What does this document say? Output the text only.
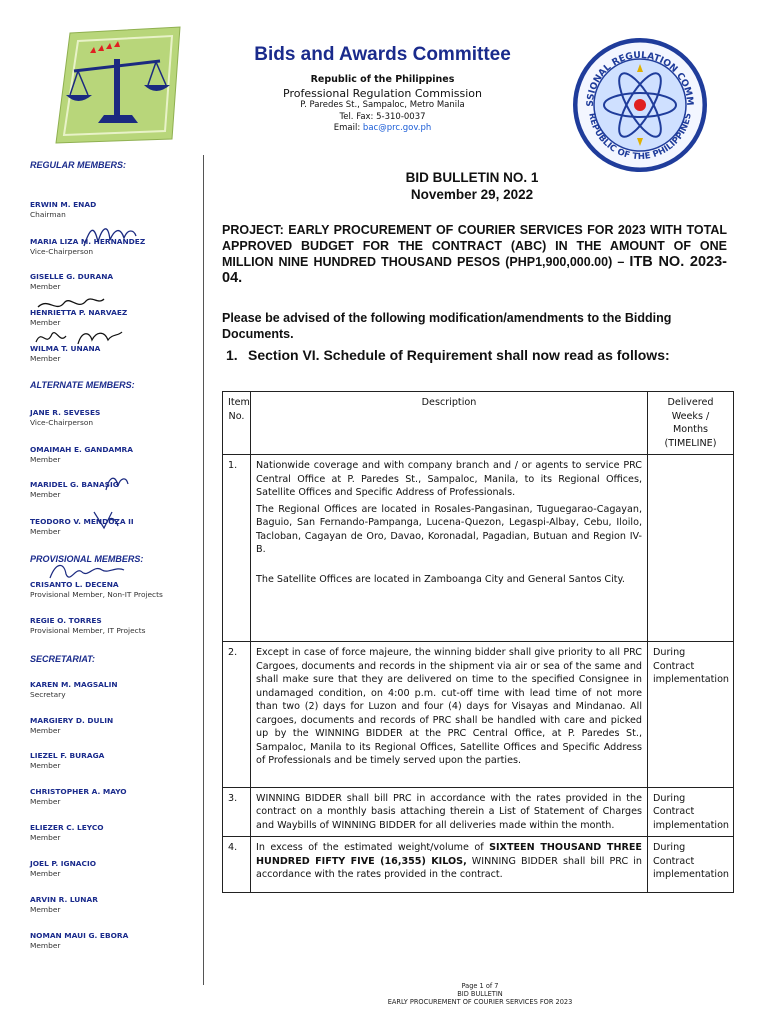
Bids and Awards Committee
Republic of the Philippines
Professional Regulation Commission
P. Paredes St., Sampaloc, Metro Manila
Tel. Fax: 5-310-0037
Email: bac@prc.gov.ph
SSIONAL REGULATION COMM
REPUBLIC OF THE PHILIPPINES
REGULAR MEMBERS:
ERWIN M. ENAD
Chairman
MARIA LIZA M. HERNANDEZ
Vice-Chairperson
GISELLE G. DURANA
Member
HENRIETTA P. NARVAEZ
Member
WILMA T. UNANA
Member
ALTERNATE MEMBERS:
JANE R. SEVESES
Vice-Chairperson
OMAIMAH E. GANDAMRA
Member
MARIDEL G. BANASIG
Member
TEODORO V. MENDOZA II
Member
PROVISIONAL MEMBERS:
CRISANTO L. DECENA
Provisional Member, Non-IT Projects
REGIE O. TORRES
Provisional Member, IT Projects
SECRETARIAT:
KAREN M. MAGSALIN
Secretary
MARGIERY D. DULIN
Member
LIEZEL F. BURAGA
Member
CHRISTOPHER A. MAYO
Member
ELIEZER C. LEYCO
Member
JOEL P. IGNACIO
Member
ARVIN R. LUNAR
Member
NOMAN MAUI G. EBORA
Member
BID BULLETIN NO. 1
November 29, 2022
PROJECT: EARLY PROCUREMENT OF COURIER SERVICES FOR 2023 WITH TOTAL APPROVED BUDGET FOR THE CONTRACT (ABC) IN THE AMOUNT OF ONE MILLION NINE HUNDRED THOUSAND PESOS (PHP1,900,000.00) – ITB NO. 2023-04.
Please be advised of the following modification/amendments to the Bidding Documents.
1. Section VI. Schedule of Requirement shall now read as follows:
Item No.	Description	Delivered Weeks / Months (TIMELINE)
1.	Nationwide coverage and with company branch and / or agents to service PRC Central Office at P. Paredes St., Sampaloc, Manila, to its Regional Offices, Satellite Offices and Specific Address of Professionals.

The Regional Offices are located in Rosales-Pangasinan, Tuguegarao-Cagayan, Baguio, San Fernando-Pampanga, Lucena-Quezon, Legaspi-Albay, Cebu, Iloilo, Tacloban, Cagayan de Oro, Davao, Koronadal, Pagadian, Butuan and Region IV-B.

The Satellite Offices are located in Zamboanga City and General Santos City.	

2.	Except in case of force majeure, the winning bidder shall give priority to all PRC Cargoes, documents and records in the shipment via air or sea of the same and shall make sure that they are delivered on time to the specified Consignee in undamaged condition, on 4:00 p.m. cut-off time with lead time of not more than two (2) days for Luzon and four (4) days for Visayas and Mindanao. All cargoes, documents and records of PRC shall be handled with care and picked up by the WINNING BIDDER at the PRC Central Office, at P. Paredes St., Sampaloc, Manila to its Regional Offices, Satellite Offices and Specific Address of Professionals and be timely served upon the parties.	During Contract implementation
3.	WINNING BIDDER shall bill PRC in accordance with the rates provided in the contract on a monthly basis attaching therein a List of Statement of Charges and Waybills of WINNING BIDDER for all deliveries made within the month.	During Contract implementation
4.	In excess of the estimated weight/volume of SIXTEEN THOUSAND THREE HUNDRED FIFTY FIVE (16,355) KILOS, WINNING BIDDER shall bill PRC in accordance with the rates provided in the contract.	During Contract implementation
Page 1 of 7
BID BULLETIN
EARLY PROCUREMENT OF COURIER SERVICES FOR 2023
